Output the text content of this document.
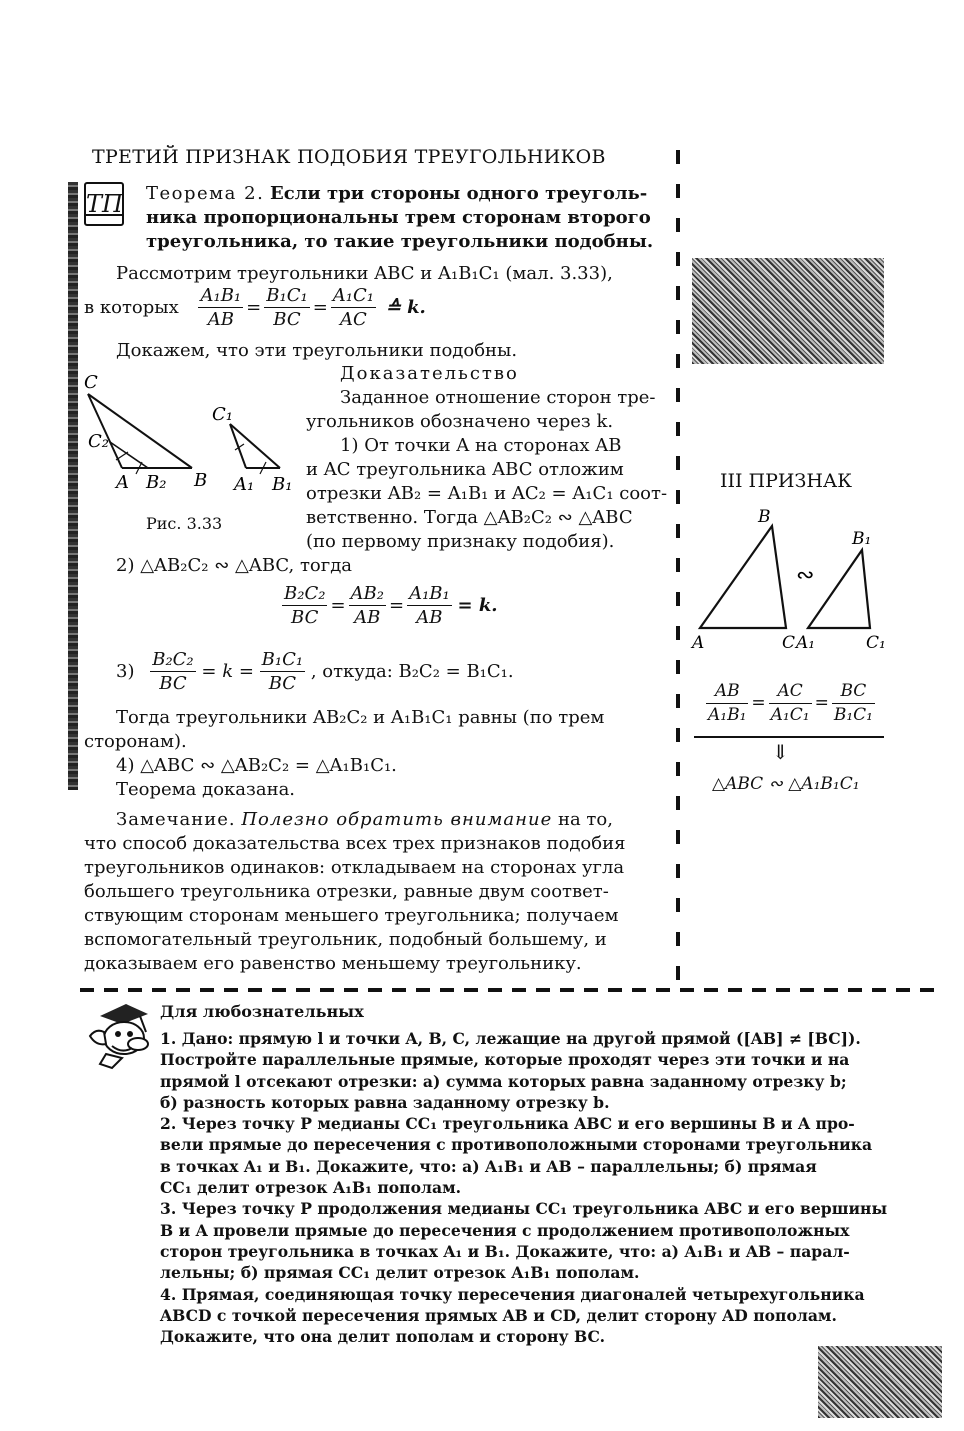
ТРЕТИЙ ПРИЗНАК ПОДОБИЯ ТРЕУГОЛЬНИКОВ
ТП Теорема 2. Если три стороны одного треуголь-
ника пропорциональны трем сторонам второго
треугольника, то такие треугольники подобны.
Рассмотрим треугольники ABC и A₁B₁C₁ (мал. 3.33),
в которых $\frac{\text{A₁B₁}}{AB} = \frac{\text{B₁C₁}}{BC} = \frac{\text{A₁C₁}}{AC}$ ≙ k.
Докажем, что эти треугольники подобны.
C
C₂
A B₂ B
C₁
A₁ B₁
Рис. 3.33
Доказательство
Заданное отношение сторон тре-
угольников обозначено через k.
1) От точки A на сторонах AB
и AC треугольника ABC отложим
отрезки AB₂ = A₁B₁ и AC₂ = A₁C₁ соот-
ветственно. Тогда △AB₂C₂ ∾ △ABC
(по первому признаку подобия).
2) △AB₂C₂ ∾ △ABC, тогда
$\frac{\text{B₂C₂}}{BC} = \frac{\text{AB₂}}{AB} = \frac{\text{A₁B₁}}{AB} = k$.
$3) \frac{\text{B₂C₂}}{BC} = k = \frac{\text{B₁C₁}}{BC}$ , откуда: B₂C₂ = B₁C₁.
Тогда треугольники AB₂C₂ и A₁B₁C₁ равны (по трем
сторонам).
4) △ABC ∾ △AB₂C₂ = △A₁B₁C₁.
Теорема доказана.
Замечание. Полезно обратить внимание на то,
что способ доказательства всех трех признаков подобия
треугольников одинаков: откладываем на сторонах угла
большего треугольника отрезки, равные двум соответ-
ствующим сторонам меньшего треугольника; получаем
вспомогательный треугольник, подобный большему, и
доказываем его равенство меньшему треугольнику.
III ПРИЗНАК
B
B₁
A	C A₁	C₁
∾
$\frac{AB}{\text{A₁B₁}} = \frac{AC}{\text{A₁C₁}} = \frac{BC}{\text{B₁C₁}}$
⇓
△ABC ∾ △A₁B₁C₁
Для любознательных

1. Дано: прямую l и точки A, B, C, лежащие на другой прямой ([AB] ≠ [BC]).

Постройте параллельные прямые, которые проходят через эти точки и на

прямой l отсекают отрезки: а) сумма которых равна заданному отрезку b;

б) разность которых равна заданному отрезку b.

2. Через точку P медианы CC₁ треугольника ABC и его вершины B и A про-

вели прямые до пересечения с противоположными сторонами треугольника

в точках A₁ и B₁. Докажите, что: а) A₁B₁ и AB – параллельны; б) прямая

CC₁ делит отрезок A₁B₁ пополам.

3. Через точку P продолжения медианы CC₁ треугольника ABC и его вершины

B и A провели прямые до пересечения с продолжением противоположных

сторон треугольника в точках A₁ и B₁. Докажите, что: а) A₁B₁ и AB – парал-

лельны; б) прямая CC₁ делит отрезок A₁B₁ пополам.

4. Прямая, соединяющая точку пересечения диагоналей четырехугольника

ABCD с точкой пересечения прямых AB и CD, делит сторону AD пополам.

Докажите, что она делит пополам и сторону BC.
